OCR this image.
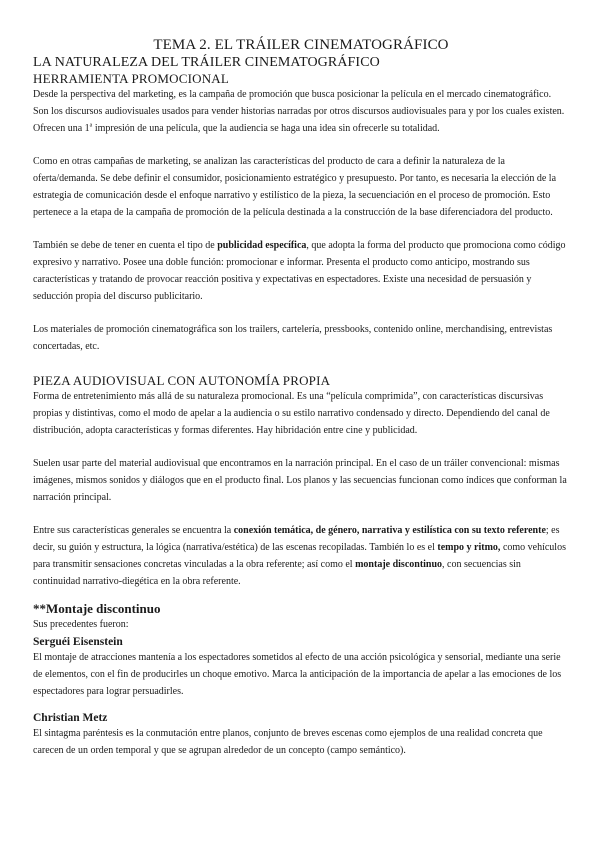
TEMA 2. EL TRÁILER CINEMATOGRÁFICO
LA NATURALEZA DEL TRÁILER CINEMATOGRÁFICO
HERRAMIENTA PROMOCIONAL

Desde la perspectiva del marketing, es la campaña de promoción que busca posicionar la película en el mercado cinematográfico. Son los discursos audiovisuales usados para vender historias narradas por otros discursos audiovisuales para y por los cuales existen. Ofrecen una 1$^a$ impresión de una película, que la audiencia se haga una idea sin ofrecerle su totalidad.

Como en otras campañas de marketing, se analizan las características del producto de cara a definir la naturaleza de la oferta/demanda. Se debe definir el consumidor, posicionamiento estratégico y presupuesto. Por tanto, es necesaria la elección de la estrategia de comunicación desde el enfoque narrativo y estilístico de la pieza, la secuenciación en el proceso de promoción. Esto pertenece a la etapa de la campaña de promoción de la película destinada a la construcción de la base diferenciadora del producto.

También se debe de tener en cuenta el tipo de publicidad específica, que adopta la forma del producto que promociona como código expresivo y narrativo. Posee una doble función: promocionar e informar. Presenta el producto como anticipo, mostrando sus características y tratando de provocar reacción positiva y expectativas en espectadores. Existe una necesidad de persuasión y seducción propia del discurso publicitario.

Los materiales de promoción cinematográfica son los trailers, cartelería, pressbooks, contenido online, merchandising, entrevistas concertadas, etc.

PIEZA AUDIOVISUAL CON AUTONOMÍA PROPIA

Forma de entretenimiento más allá de su naturaleza promocional. Es una “película comprimida”, con características discursivas propias y distintivas, como el modo de apelar a la audiencia o su estilo narrativo condensado y directo. Dependiendo del canal de distribución, adopta características y formas diferentes. Hay hibridación entre cine y publicidad.

Suelen usar parte del material audiovisual que encontramos en la narración principal. En el caso de un tráiler convencional: mismas imágenes, mismos sonidos y diálogos que en el producto final. Los planos y las secuencias funcionan como índices que conforman la narración principal.

Entre sus características generales se encuentra la conexión temática, de género, narrativa y estilística con su texto referente; es decir, su guión y estructura, la lógica (narrativa/estética) de las escenas recopiladas. También lo es el tempo y ritmo, como vehículos para transmitir sensaciones concretas vinculadas a la obra referente; así como el montaje discontinuo, con secuencias sin continuidad narrativo-diegética en la obra referente.

**Montaje discontinuo

Sus precedentes fueron:

Serguéi Eisenstein

El montaje de atracciones mantenía a los espectadores sometidos al efecto de una acción psicológica y sensorial, mediante una serie de elementos, con el fin de producirles un choque emotivo. Marca la anticipación de la importancia de apelar a las emociones de los espectadores para lograr persuadirles.

Christian Metz

El sintagma paréntesis es la conmutación entre planos, conjunto de breves escenas como ejemplos de una realidad concreta que carecen de un orden temporal y que se agrupan alrededor de un concepto (campo semántico).
